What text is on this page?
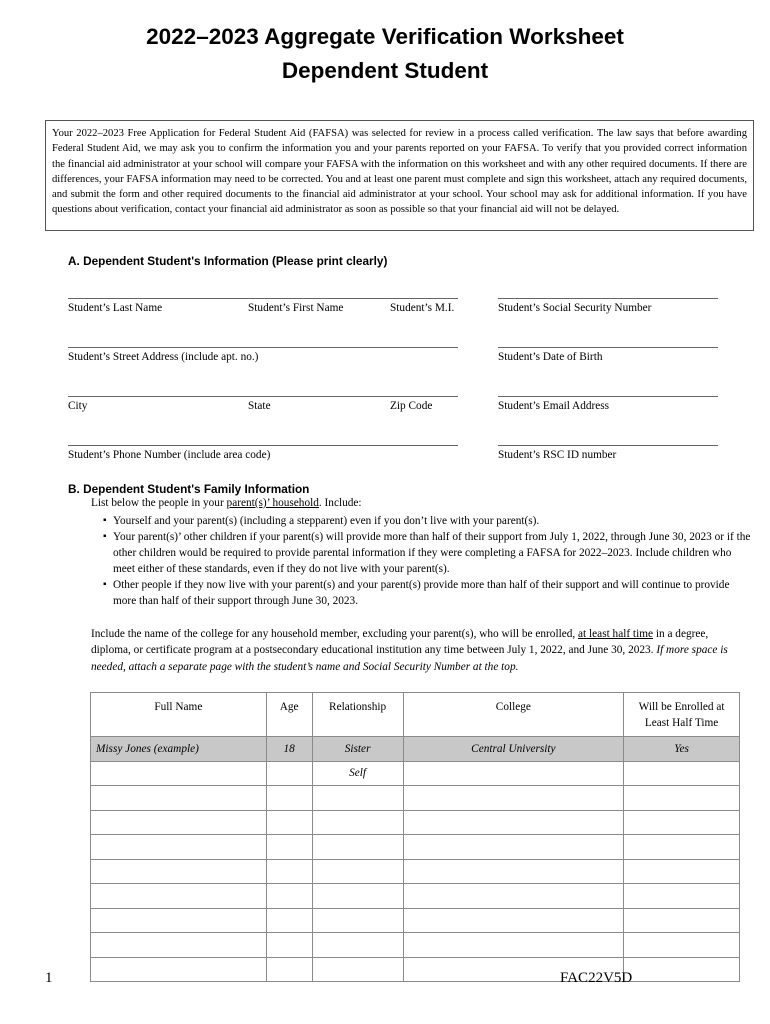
2022–2023 Aggregate Verification Worksheet
Dependent Student
Your 2022–2023 Free Application for Federal Student Aid (FAFSA) was selected for review in a process called verification. The law says that before awarding Federal Student Aid, we may ask you to confirm the information you and your parents reported on your FAFSA. To verify that you provided correct information the financial aid administrator at your school will compare your FAFSA with the information on this worksheet and with any other required documents. If there are differences, your FAFSA information may need to be corrected. You and at least one parent must complete and sign this worksheet, attach any required documents, and submit the form and other required documents to the financial aid administrator at your school. Your school may ask for additional information. If you have questions about verification, contact your financial aid administrator as soon as possible so that your financial aid will not be delayed.
A. Dependent Student's Information (Please print clearly)
Student’s Last Name	Student’s First Name	Student’s M.I.	Student’s Social Security Number
Student’s Street Address (include apt. no.)	Student’s Date of Birth
City	State	Zip Code	Student’s Email Address
Student’s Phone Number (include area code)	Student’s RSC ID number
B. Dependent Student's Family Information
List below the people in your parent(s)’ household. Include:
▪ Yourself and your parent(s) (including a stepparent) even if you don’t live with your parent(s).
▪ Your parent(s)’ other children if your parent(s) will provide more than half of their support from July 1, 2022, through June 30, 2023 or if the other children would be required to provide parental information if they were completing a FAFSA for 2022–2023. Include children who meet either of these standards, even if they do not live with your parent(s).
▪ Other people if they now live with your parent(s) and your parent(s) provide more than half of their support and will continue to provide more than half of their support through June 30, 2023.
Include the name of the college for any household member, excluding your parent(s), who will be enrolled, at least half time in a degree, diploma, or certificate program at a postsecondary educational institution any time between July 1, 2022, and June 30, 2023. If more space is needed, attach a separate page with the student’s name and Social Security Number at the top.
Full Name	Age	Relationship	College	Will be Enrolled at
Least Half Time
Missy Jones (example)	18	Sister	Central University	Yes
		Self		

1	FAC22V5D
